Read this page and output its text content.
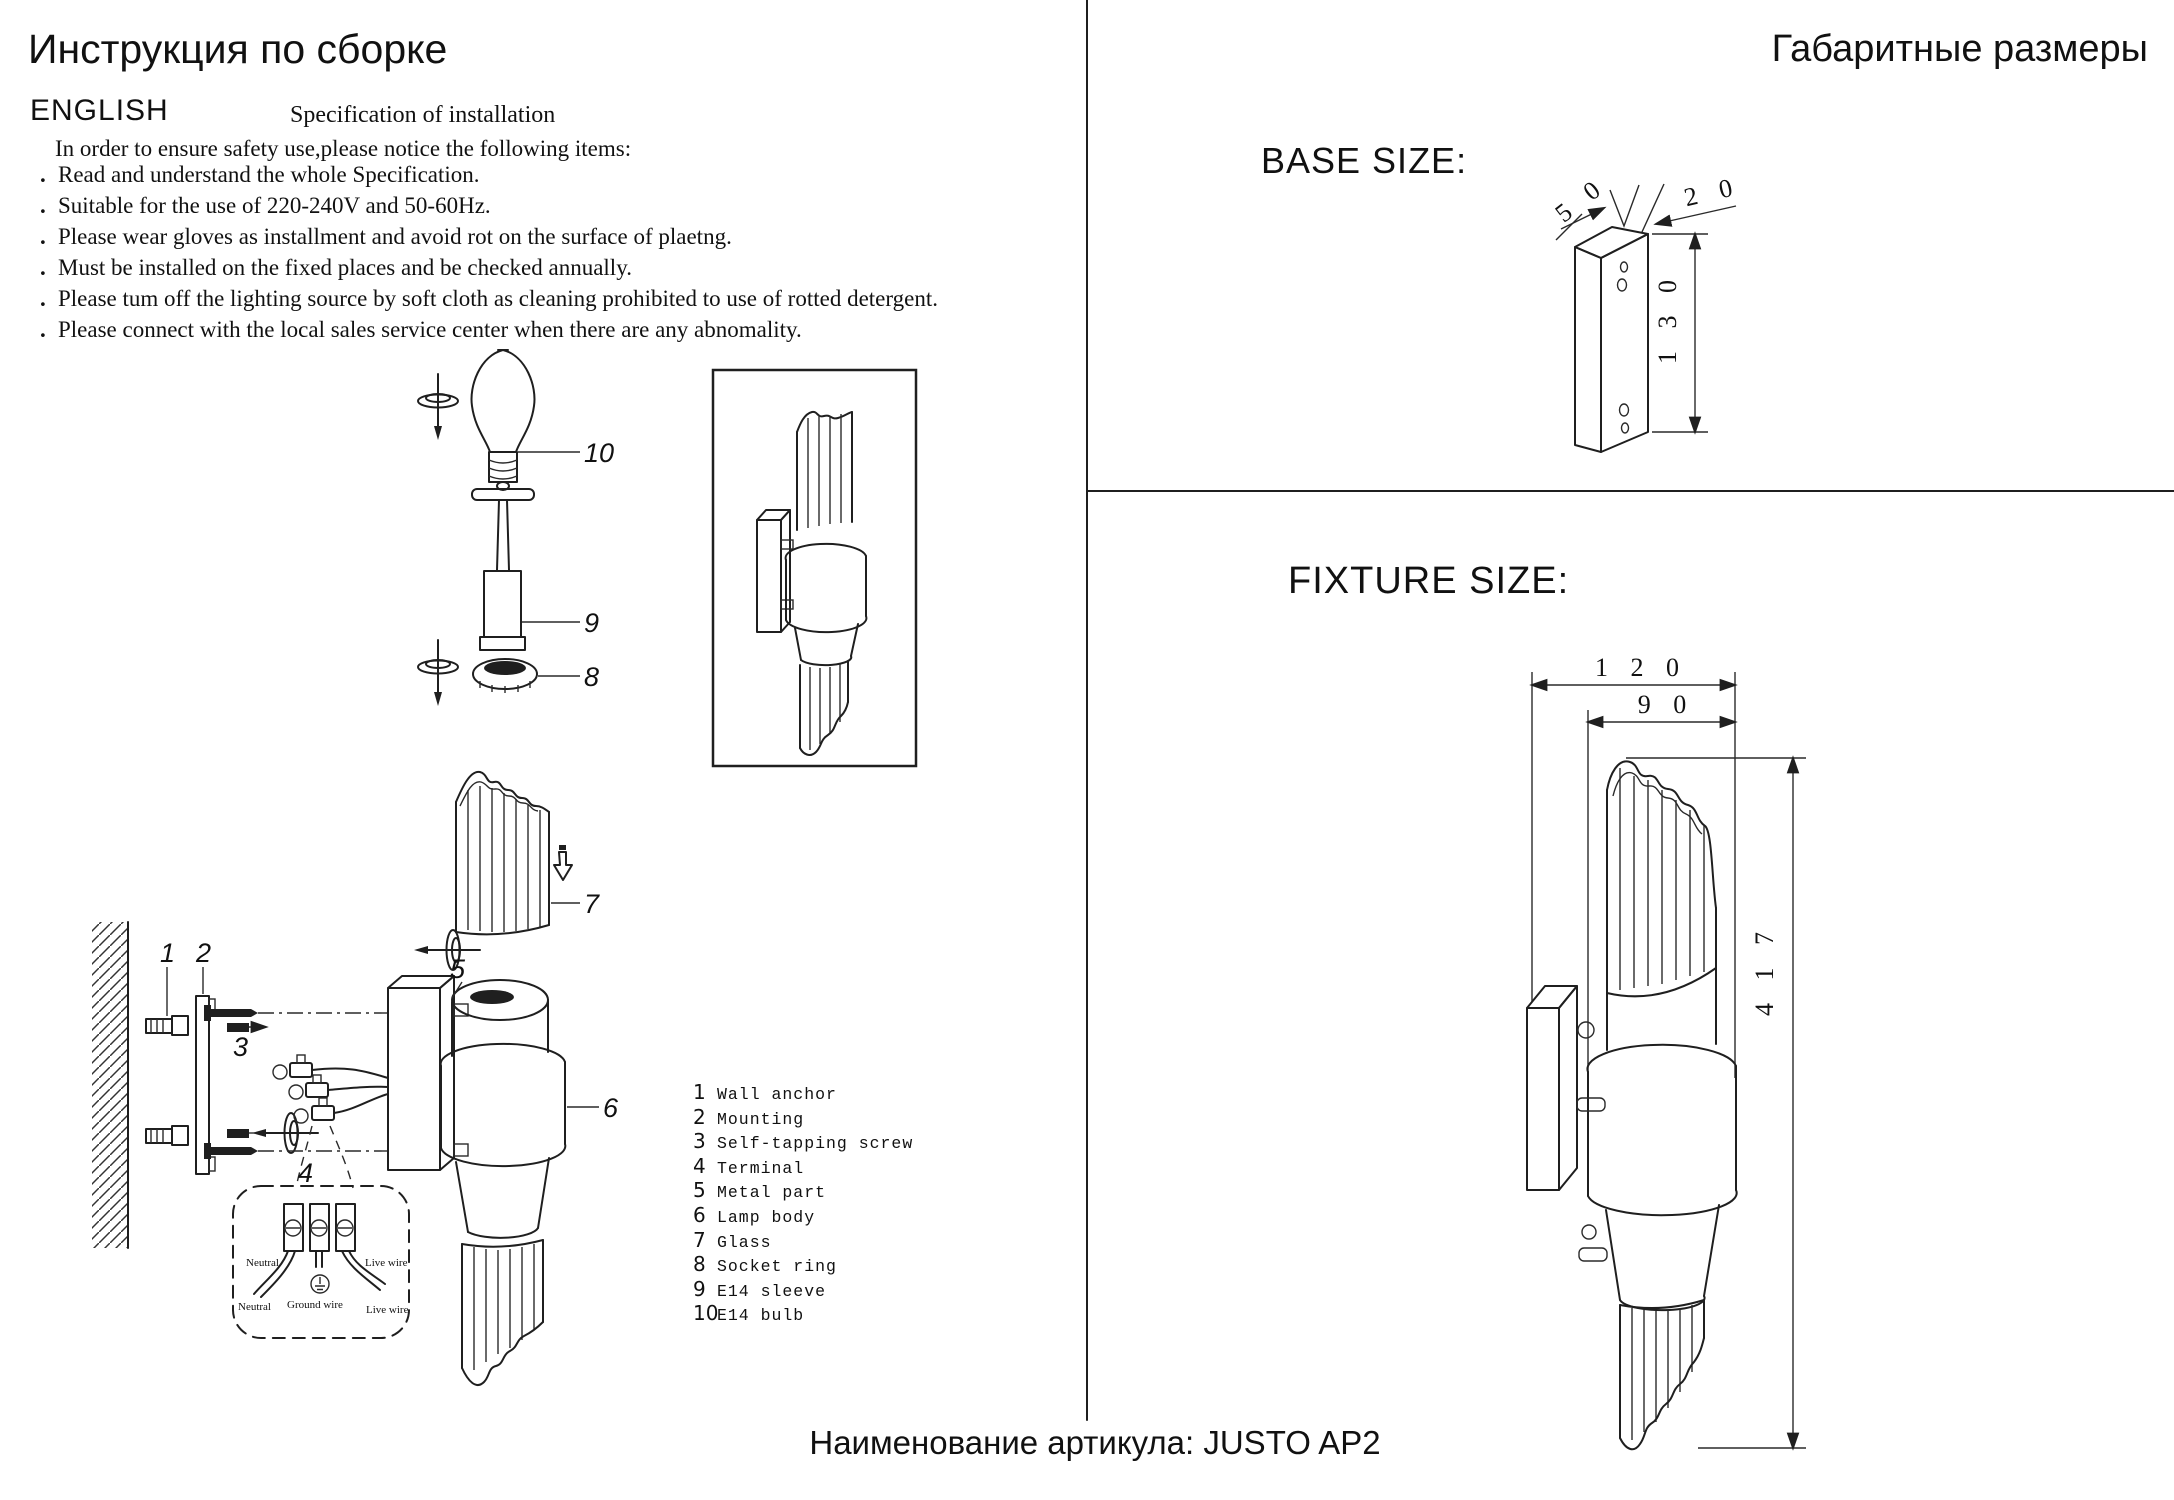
Neutral	Live wire
Neutral Ground wire Live wire
1 2
3
4
5
6
7
8
9
10
1 3 0
5 0	2 0
1 2 0
9 0
4 1 7
Инструкция по сборке	Габаритные размеры
ENGLISH	Specification of installation
In order to ensure safety use,please notice the following items:
. Read and understand the whole Specification.
. Suitable for the use of 220-240V and 50-60Hz.
. Please wear gloves as installment and avoid rot on the surface of plaetng.
. Must be installed on the fixed places and be checked annually.
. Please tum off the lighting source by soft cloth as cleaning prohibited to use of rotted detergent.
. Please connect with the local sales service center when there are any abnomality.
BASE SIZE:
FIXTURE SIZE:
1 Wall anchor
2 Mounting
3 Self-tapping screw
4 Terminal
5 Metal part
6 Lamp body
7 Glass
8 Socket ring
9 E14 sleeve
10E14 bulb
Наименование артикула: JUSTO AP2
